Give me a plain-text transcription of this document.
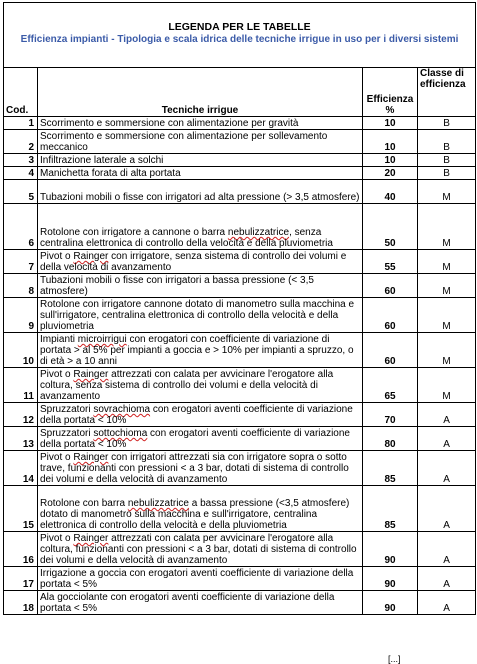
LEGENDA PER LE TABELLE
Efficienza impianti - Tipologia e scala idrica delle tecniche irrigue in uso per i diversi sistemi			

Cod.	Tecniche irrigue	Efficienza %	Classe di efficienza
1	Scorrimento e sommersione con alimentazione per gravità	10	B
2	Scorrimento e sommersione con alimentazione per sollevamento meccanico	10	B
3	Infiltrazione laterale a solchi	10	B
4	Manichetta forata di alta portata	20	B
5	Tubazioni mobili o fisse con irrigatori ad alta pressione (> 3,5 atmosfere)	40	M
6	Rotolone con irrigatore a cannone o barra nebulizzatrice, senza centralina elettronica di controllo della velocità e della pluviometria	50	M
7	Pivot o Rainger con irrigatore, senza sistema di controllo dei volumi e della velocità di avanzamento	55	M
8	Tubazioni mobili o fisse con irrigatori a bassa pressione (< 3,5 atmosfere)	60	M
9	Rotolone con irrigatore cannone dotato di manometro sulla macchina e sull'irrigatore, centralina elettronica di controllo della velocità e della pluviometria	60	M
10	Impianti microirrigui con erogatori con coefficiente di variazione di portata > al 5% per impianti a goccia e > 10% per impianti a spruzzo, o di età > a 10 anni	60	M
11	Pivot o Rainger attrezzati con calata per avvicinare l'erogatore alla coltura, senza sistema di controllo dei volumi e della velocità di avanzamento	65	M
12	Spruzzatori sovrachioma con erogatori aventi coefficiente di variazione della portata < 10%	70	A
13	Spruzzatori sottochioma con erogatori aventi coefficiente di variazione della portata < 10%	80	A
14	Pivot o Rainger con irrigatori attrezzati sia con irrigatore sopra o sotto trave, funzionanti con pressioni < a 3 bar, dotati di sistema di controllo dei volumi e della velocità di avanzamento	85	A
15	Rotolone con barra nebulizzatrice a bassa pressione (<3,5 atmosfere) dotato di manometro sulla macchina e sull'irrigatore, centralina elettronica di controllo della velocità e della pluviometria	85	A
16	Pivot o Rainger attrezzati con calata per avvicinare l'erogatore alla coltura, funzionanti con pressioni < a 3 bar, dotati di sistema di controllo dei volumi e della velocità di avanzamento	90	A
17	Irrigazione a goccia con erogatori aventi coefficiente di variazione della portata < 5%	90	A
18	Ala gocciolante con erogatori aventi coefficiente di variazione della portata < 5%	90	A
[...]
